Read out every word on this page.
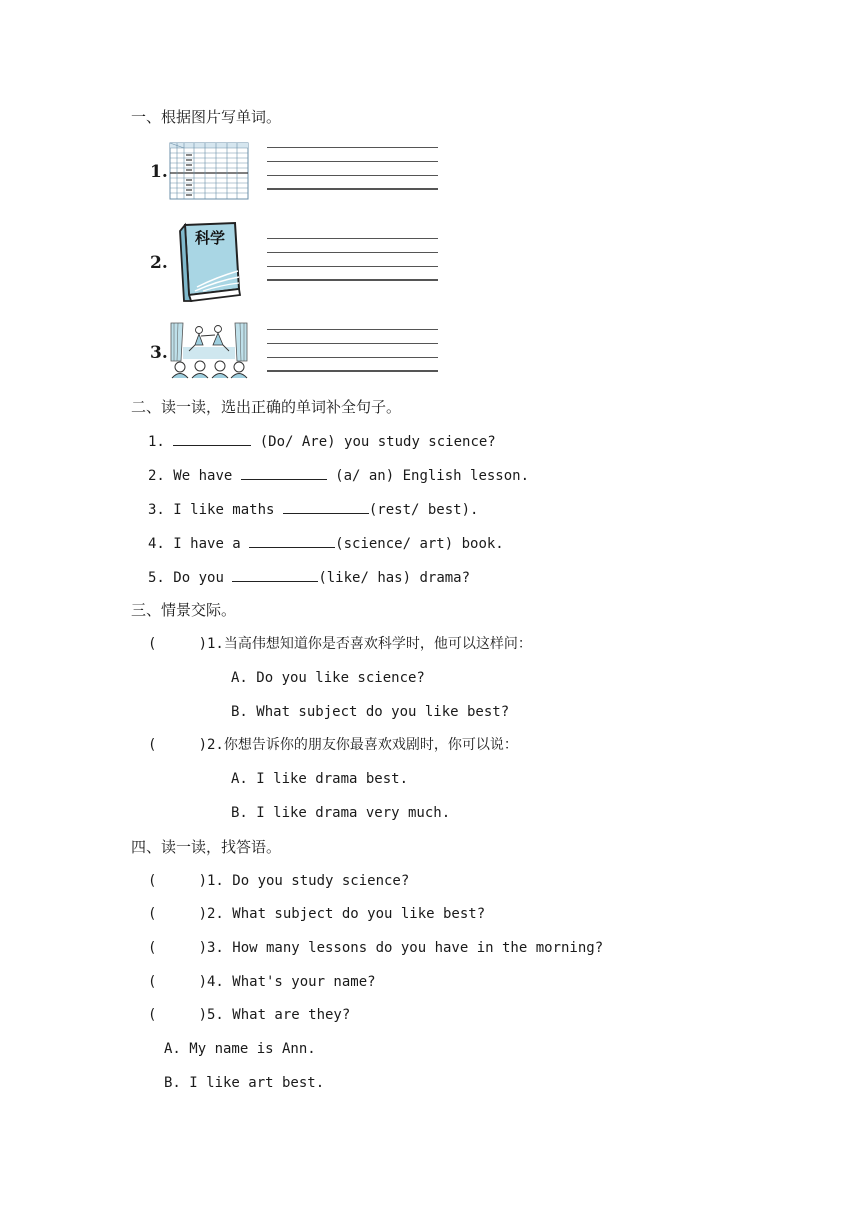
一、根据图片写单词。
1.
2.
科学
3.
二、读一读，选出正确的单词补全句子。
1.	(Do/ Are) you study science?
2. We have	(a/ an) English lesson.
3. I like maths	(rest/ best).
4. I have a	(science/ art) book.
5. Do you	(like/ has) drama?
三、情景交际。
(     )1.当高伟想知道你是否喜欢科学时，他可以这样问：
A. Do you like science?
B. What subject do you like best?
(     )2.你想告诉你的朋友你最喜欢戏剧时，你可以说：
A. I like drama best.
B. I like drama very much.
四、读一读，找答语。
(     )1. Do you study science?
(     )2. What subject do you like best?
(     )3. How many lessons do you have in the morning?
(     )4. What's your name?
(     )5. What are they?
A. My name is Ann.
B. I like art best.
